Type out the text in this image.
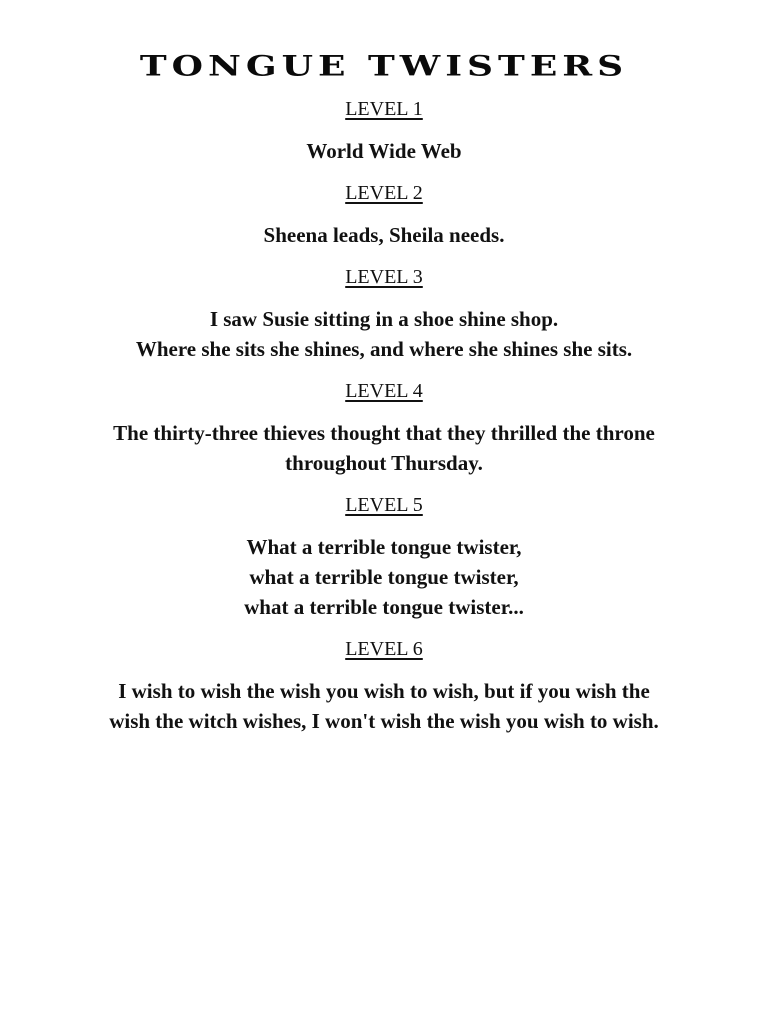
TONGUE TWISTERS

LEVEL 1

World Wide Web

LEVEL 2

Sheena leads, Sheila needs.

LEVEL 3

I saw Susie sitting in a shoe shine shop.
Where she sits she shines, and where she shines she sits.

LEVEL 4

The thirty-three thieves thought that they thrilled the throne throughout Thursday.

LEVEL 5

What a terrible tongue twister,
what a terrible tongue twister,
what a terrible tongue twister...

LEVEL 6

I wish to wish the wish you wish to wish, but if you wish the wish the witch wishes, I won't wish the wish you wish to wish.
